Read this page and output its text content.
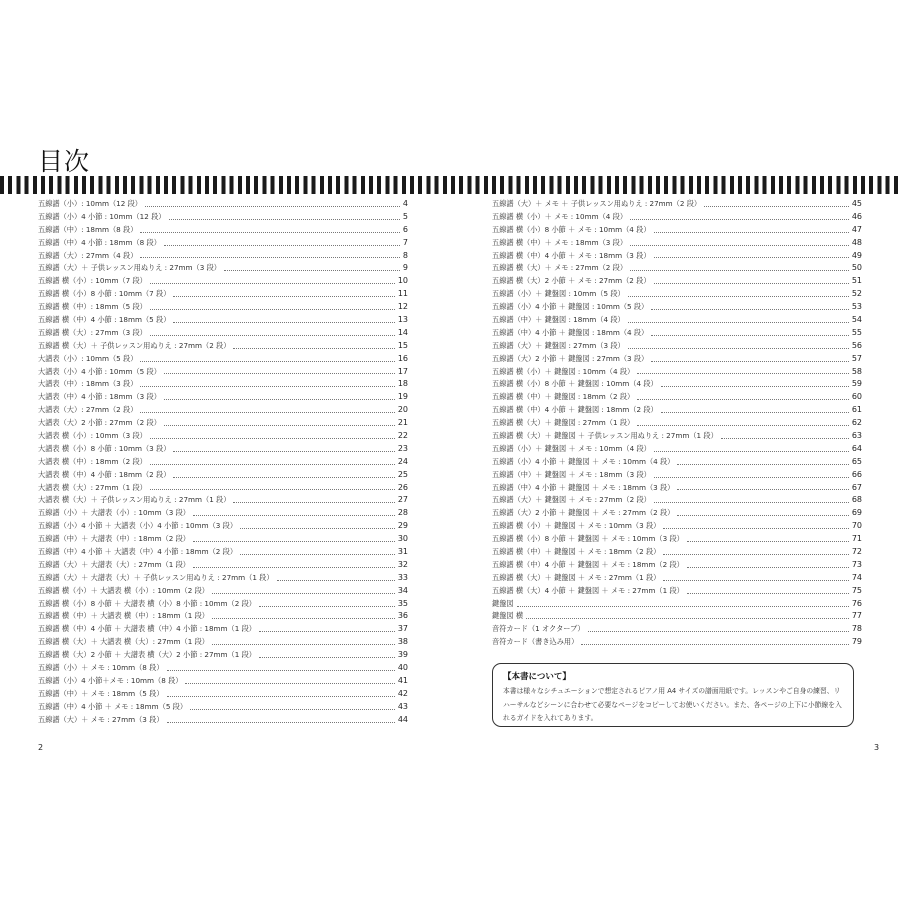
目次
五線譜（小）: 10mm（12 段）	4
五線譜（小）4 小節 : 10mm（12 段）	5
五線譜（中）: 18mm（8 段）	6
五線譜（中）4 小節 : 18mm（8 段）	7
五線譜（大）: 27mm（4 段）	8
五線譜（大）＋ 子供レッスン用ぬりえ : 27mm（3 段）	9
五線譜 横（小）: 10mm（7 段）	10
五線譜 横（小）8 小節 : 10mm（7 段）	11
五線譜 横（中）: 18mm（5 段）	12
五線譜 横（中）4 小節 : 18mm（5 段）	13
五線譜 横（大）: 27mm（3 段）	14
五線譜 横（大）＋ 子供レッスン用ぬりえ : 27mm（2 段）	15
大譜表（小）: 10mm（5 段）	16
大譜表（小）4 小節 : 10mm（5 段）	17
大譜表（中）: 18mm（3 段）	18
大譜表（中）4 小節 : 18mm（3 段）	19
大譜表（大）: 27mm（2 段）	20
大譜表（大）2 小節 : 27mm（2 段）	21
大譜表 横（小）: 10mm（3 段）	22
大譜表 横（小）8 小節 : 10mm（3 段）	23
大譜表 横（中）: 18mm（2 段）	24
大譜表 横（中）4 小節 : 18mm（2 段）	25
大譜表 横（大）: 27mm（1 段）	26
大譜表 横（大）＋ 子供レッスン用ぬりえ : 27mm（1 段）	27
五線譜（小）＋ 大譜表（小）: 10mm（3 段）	28
五線譜（小）4 小節 ＋ 大譜表（小）4 小節 : 10mm（3 段）	29
五線譜（中）＋ 大譜表（中）: 18mm（2 段）	30
五線譜（中）4 小節 ＋ 大譜表（中）4 小節 : 18mm（2 段）	31
五線譜（大）＋ 大譜表（大）: 27mm（1 段）	32
五線譜（大）＋ 大譜表（大）＋ 子供レッスン用ぬりえ : 27mm（1 段）	33
五線譜 横（小）＋ 大譜表 横（小）: 10mm（2 段）	34
五線譜 横（小）8 小節 ＋ 大譜表 横（小）8 小節 : 10mm（2 段）	35
五線譜 横（中）＋ 大譜表 横（中）: 18mm（1 段）	36
五線譜 横（中）4 小節 ＋ 大譜表 横（中）4 小節 : 18mm（1 段）	37
五線譜 横（大）＋ 大譜表 横（大）: 27mm（1 段）	38
五線譜 横（大）2 小節 ＋ 大譜表 横（大）2 小節 : 27mm（1 段）	39
五線譜（小）＋ メモ : 10mm（8 段）	40
五線譜（小）4 小節＋メモ : 10mm（8 段）	41
五線譜（中）＋ メモ : 18mm（5 段）	42
五線譜（中）4 小節 ＋ メモ : 18mm（5 段）	43
五線譜（大）＋ メモ : 27mm（3 段）	44
五線譜（大）＋ メモ ＋ 子供レッスン用ぬりえ : 27mm（2 段）	45
五線譜 横（小）＋ メモ : 10mm（4 段）	46
五線譜 横（小）8 小節 ＋ メモ : 10mm（4 段）	47
五線譜 横（中）＋ メモ : 18mm（3 段）	48
五線譜 横（中）4 小節 ＋ メモ : 18mm（3 段）	49
五線譜 横（大）＋ メモ : 27mm（2 段）	50
五線譜 横（大）2 小節 ＋ メモ : 27mm（2 段）	51
五線譜（小）＋ 鍵盤図 : 10mm（5 段）	52
五線譜（小）4 小節 ＋ 鍵盤図 : 10mm（5 段）	53
五線譜（中）＋ 鍵盤図 : 18mm（4 段）	54
五線譜（中）4 小節 ＋ 鍵盤図 : 18mm（4 段）	55
五線譜（大）＋ 鍵盤図 : 27mm（3 段）	56
五線譜（大）2 小節 ＋ 鍵盤図 : 27mm（3 段）	57
五線譜 横（小）＋ 鍵盤図 : 10mm（4 段）	58
五線譜 横（小）8 小節 ＋ 鍵盤図 : 10mm（4 段）	59
五線譜 横（中）＋ 鍵盤図 : 18mm（2 段）	60
五線譜 横（中）4 小節 ＋ 鍵盤図 : 18mm（2 段）	61
五線譜 横（大）＋ 鍵盤図 : 27mm（1 段）	62
五線譜 横（大）＋ 鍵盤図 ＋ 子供レッスン用ぬりえ : 27mm（1 段）	63
五線譜（小）＋ 鍵盤図 ＋ メモ : 10mm（4 段）	64
五線譜（小）4 小節 ＋ 鍵盤図 ＋ メモ : 10mm（4 段）	65
五線譜（中）＋ 鍵盤図 ＋ メモ : 18mm（3 段）	66
五線譜（中）4 小節 ＋ 鍵盤図 ＋ メモ : 18mm（3 段）	67
五線譜（大）＋ 鍵盤図 ＋ メモ : 27mm（2 段）	68
五線譜（大）2 小節 ＋ 鍵盤図 ＋ メモ : 27mm（2 段）	69
五線譜 横（小）＋ 鍵盤図 ＋ メモ : 10mm（3 段）	70
五線譜 横（小）8 小節 ＋ 鍵盤図 ＋ メモ : 10mm（3 段）	71
五線譜 横（中）＋ 鍵盤図 ＋ メモ : 18mm（2 段）	72
五線譜 横（中）4 小節 ＋ 鍵盤図 ＋ メモ : 18mm（2 段）	73
五線譜 横（大）＋ 鍵盤図 ＋ メモ : 27mm（1 段）	74
五線譜 横（大）4 小節 ＋ 鍵盤図 ＋ メモ : 27mm（1 段）	75
鍵盤図	76
鍵盤図 横	77
音符カード（1 オクターブ）	78
音符カード（書き込み用）	79

【本書について】

本書は様々なシチュエーションで想定されるピアノ用 A4 サイズの譜面用紙です。レッスンやご自身の練習、リハーサルなどシーンに合わせて必要なページをコピーしてお使いください。また、各ページの上下に小節線を入れるガイドを入れてあります。

2	3
